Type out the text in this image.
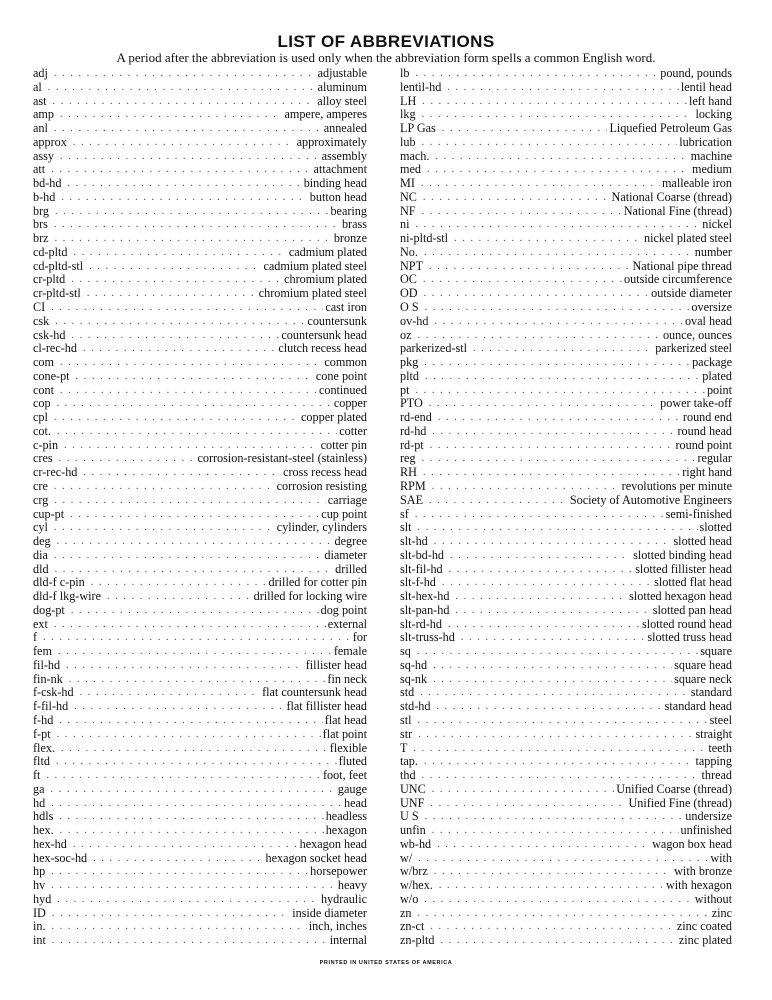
LIST OF ABBREVIATIONS
A period after the abbreviation is used only when the abbreviation form spells a common English word.
adj . . .	adjustable
al . . .	aluminum
ast . . .	alloy steel
amp . . .	ampere, amperes
anl . . .	annealed
approx . . .	approximately
assy . . .	assembly
att . . .	attachment
bd-hd . . .	binding head
b-hd . . .	button head
brg . . .	bearing
brs . . .	brass
brz . . .	bronze
cd-pltd . . .	cadmium plated
cd-pltd-stl . . .	cadmium plated steel
cr-pltd . . .	chromium plated
cr-pltd-stl . . .	chromium plated steel
CI . . .	cast iron
csk . . .	countersunk
csk-hd . . .	countersunk head
cl-rec-hd . . .	clutch recess head
com . . .	common
cone-pt . . .	cone point
cont . . .	continued
cop . . .	copper
cpl . . .	copper plated
cot. . . .	cotter
c-pin . . .	cotter pin
cres . . .	corrosion-resistant-steel (stainless)
cr-rec-hd . . .	cross recess head
cre . . .	corrosion resisting
crg . . .	carriage
cup-pt . . .	cup point
cyl . . .	cylinder, cylinders
deg . . .	degree
dia . . .	diameter
dld . . .	drilled
dld-f c-pin . . .	drilled for cotter pin
dld-f lkg-wire . . .	drilled for locking wire
dog-pt . . .	dog point
ext . . .	external
f . . .	for
fem . . .	female
fil-hd . . .	fillister head
fin-nk . . .	fin neck
f-csk-hd . . .	flat countersunk head
f-fil-hd . . .	flat fillister head
f-hd . . .	flat head
f-pt . . .	flat point
flex. . . .	flexible
fltd . . .	fluted
ft . . .	foot, feet
ga . . .	gauge
hd . . .	head
hdls . . .	headless
hex. . . .	hexagon
hex-hd . . .	hexagon head
hex-soc-hd . . .	hexagon socket head
hp . . .	horsepower
hv . . .	heavy
hyd . . .	hydraulic
ID . . .	inside diameter
in. . . .	inch, inches
int . . .	internal
lb . . .	pound, pounds
lentil-hd . . .	lentil head
LH . . .	left hand
lkg . . .	locking
LP Gas . . .	Liquefied Petroleum Gas
lub . . .	lubrication
mach. . . .	machine
med . . .	medium
MI . . .	malleable iron
NC . . .	National Coarse (thread)
NF . . .	National Fine (thread)
ni . . .	nickel
ni-pltd-stl . . .	nickel plated steel
No. . . .	number
NPT . . .	National pipe thread
OC . . .	outside circumference
OD . . .	outside diameter
O S . . .	oversize
ov-hd . . .	oval head
oz . . .	ounce, ounces
parkerized-stl . . .	parkerized steel
pkg . . .	package
pltd . . .	plated
pt . . .	point
PTO . . .	power take-off
rd-end . . .	round end
rd-hd . . .	round head
rd-pt . . .	round point
reg . . .	regular
RH . . .	right hand
RPM . . .	revolutions per minute
SAE . . .	Society of Automotive Engineers
sf . . .	semi-finished
slt . . .	slotted
slt-hd . . .	slotted head
slt-bd-hd . . .	slotted binding head
slt-fil-hd . . .	slotted fillister head
slt-f-hd . . .	slotted flat head
slt-hex-hd . . .	slotted hexagon head
slt-pan-hd . . .	slotted pan head
slt-rd-hd . . .	slotted round head
slt-truss-hd . . .	slotted truss head
sq . . .	square
sq-hd . . .	square head
sq-nk . . .	square neck
std . . .	standard
std-hd . . .	standard head
stl . . .	steel
str . . .	straight
T . . .	teeth
tap. . . .	tapping
thd . . .	thread
UNC . . .	Unified Coarse (thread)
UNF . . .	Unified Fine (thread)
U S . . .	undersize
unfin . . .	unfinished
wb-hd . . .	wagon box head
w/ . . .	with
w/brz . . .	with bronze
w/hex. . . .	with hexagon
w/o . . .	without
zn . . .	zinc
zn-ct . . .	zinc coated
zn-pltd . . .	zinc plated
PRINTED IN UNITED STATES OF AMERICA
